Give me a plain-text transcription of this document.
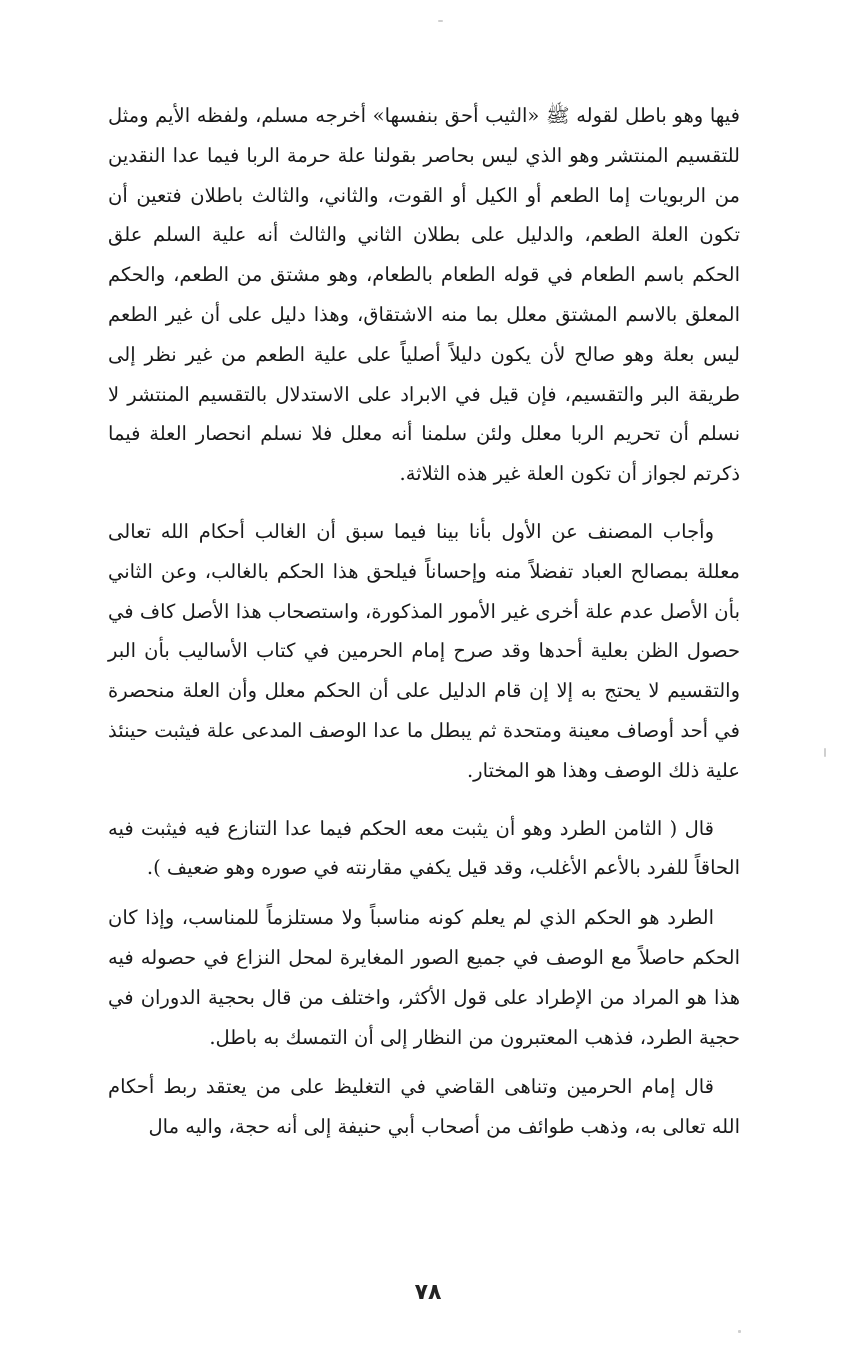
فيها وهو باطل لقوله ﷺ «الثيب أحق بنفسها» أخرجه مسلم، ولفظه الأيم ومثل للتقسيم المنتشر وهو الذي ليس بحاصر بقولنا علة حرمة الربا فيما عدا النقدين من الربويات إما الطعم أو الكيل أو القوت، والثاني، والثالث باطلان فتعين أن تكون العلة الطعم، والدليل على بطلان الثاني والثالث أنه علية السلم علق الحكم باسم الطعام في قوله الطعام بالطعام، وهو مشتق من الطعم، والحكم المعلق بالاسم المشتق معلل بما منه الاشتقاق، وهذا دليل على أن غير الطعم ليس بعلة وهو صالح لأن يكون دليلاً أصلياً على علية الطعم من غير نظر إلى طريقة البر والتقسيم، فإن قيل في الابراد على الاستدلال بالتقسيم المنتشر لا نسلم أن تحريم الربا معلل ولئن سلمنا أنه معلل فلا نسلم انحصار العلة فيما ذكرتم لجواز أن تكون العلة غير هذه الثلاثة.

وأجاب المصنف عن الأول بأنا بينا فيما سبق أن الغالب أحكام الله تعالى معللة بمصالح العباد تفضلاً منه وإحساناً فيلحق هذا الحكم بالغالب، وعن الثاني بأن الأصل عدم علة أخرى غير الأمور المذكورة، واستصحاب هذا الأصل كاف في حصول الظن بعلية أحدها وقد صرح إمام الحرمين في كتاب الأساليب بأن البر والتقسيم لا يحتج به إلا إن قام الدليل على أن الحكم معلل وأن العلة منحصرة في أحد أوصاف معينة ومتحدة ثم يبطل ما عدا الوصف المدعى علة فيثبت حينئذ علية ذلك الوصف وهذا هو المختار.

قال ( الثامن الطرد وهو أن يثبت معه الحكم فيما عدا التنازع فيه فيثبت فيه الحاقاً للفرد بالأعم الأغلب، وقد قيل يكفي مقارنته في صوره وهو ضعيف ).

الطرد هو الحكم الذي لم يعلم كونه مناسباً ولا مستلزماً للمناسب، وإذا كان الحكم حاصلاً مع الوصف في جميع الصور المغايرة لمحل النزاع في حصوله فيه هذا هو المراد من الإطراد على قول الأكثر، واختلف من قال بحجية الدوران في حجية الطرد، فذهب المعتبرون من النظار إلى أن التمسك به باطل.

قال إمام الحرمين وتناهى القاضي في التغليظ على من يعتقد ربط أحكام الله تعالى به، وذهب طوائف من أصحاب أبي حنيفة إلى أنه حجة، واليه مال

٧٨
